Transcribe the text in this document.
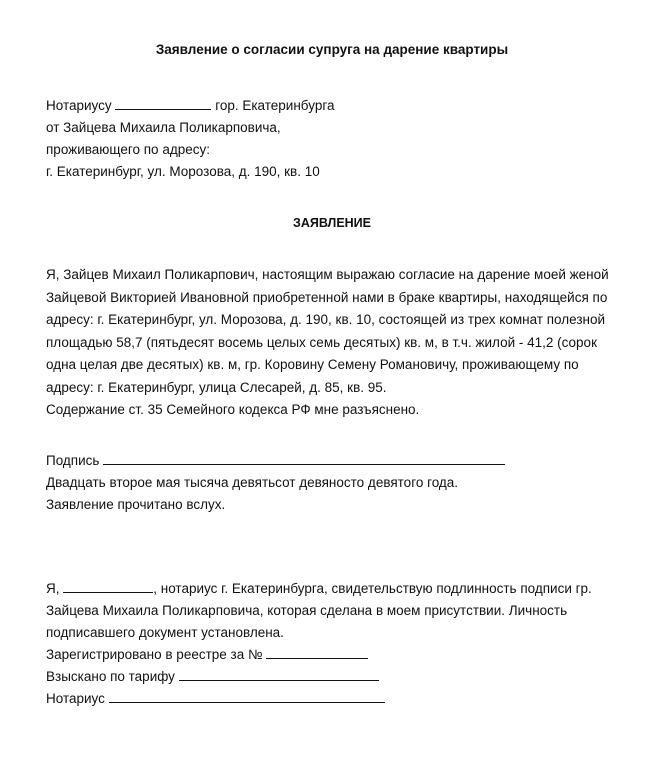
Заявление о согласии супруга на дарение квартиры
Нотариусу	гор. Екатеринбурга
от Зайцева Михаила Поликарповича,
проживающего по адресу:
г. Екатеринбург, ул. Морозова, д. 190, кв. 10
ЗАЯВЛЕНИЕ
Я, Зайцев Михаил Поликарпович, настоящим выражаю согласие на дарение моей женой
Зайцевой Викторией Ивановной приобретенной нами в браке квартиры, находящейся по
адресу: г. Екатеринбург, ул. Морозова, д. 190, кв. 10, состоящей из трех комнат полезной
площадью 58,7 (пятьдесят восемь целых семь десятых) кв. м, в т.ч. жилой - 41,2 (сорок
одна целая две десятых) кв. м, гр. Коровину Семену Романовичу, проживающему по
адресу: г. Екатеринбург, улица Слесарей, д. 85, кв. 95.
Содержание ст. 35 Семейного кодекса РФ мне разъяснено.
Подпись
Двадцать второе мая тысяча девятьсот девяносто девятого года.
Заявление прочитано вслух.
Я,	, нотариус г. Екатеринбурга, свидетельствую подлинность подписи гр.
Зайцева Михаила Поликарповича, которая сделана в моем присутствии. Личность
подписавшего документ установлена.
Зарегистрировано в реестре за №
Взыскано по тарифу
Нотариус
